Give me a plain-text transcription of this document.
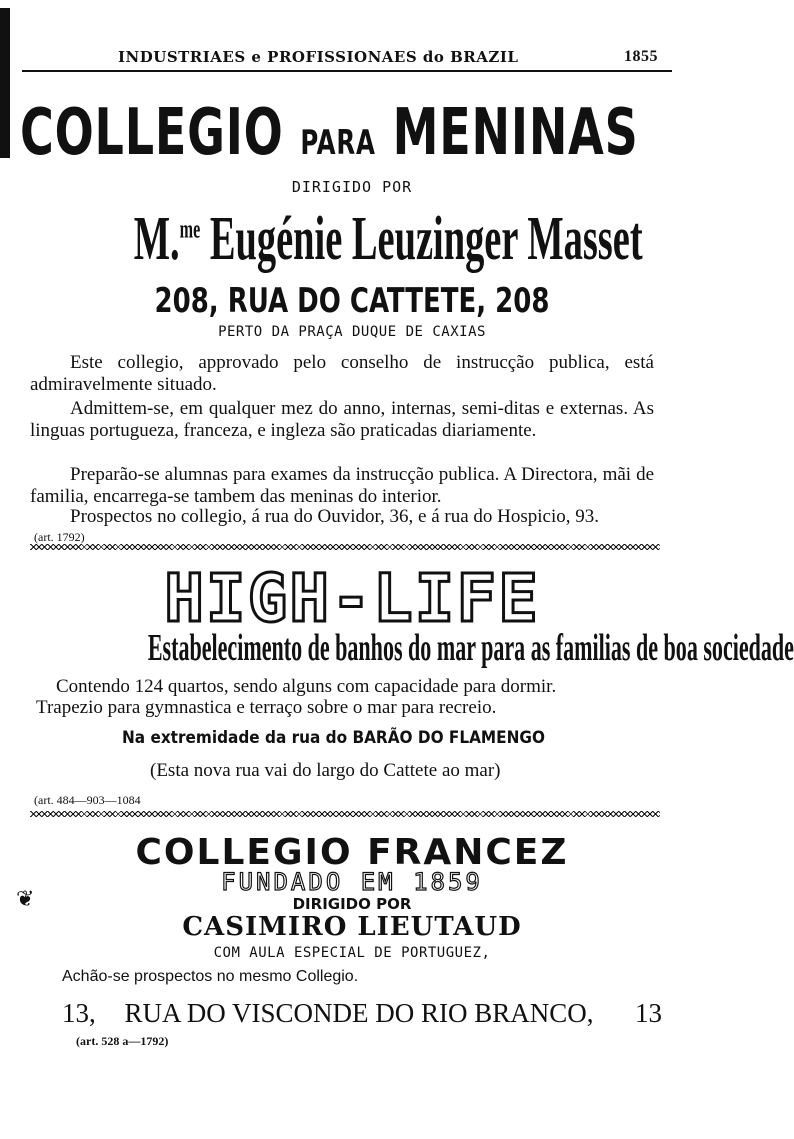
INDUSTRIAES e PROFISSIONAES do BRAZIL	1855
COLLEGIO PARA MENINAS
DIRIGIDO POR
M.$^{me}$ Eugénie Leuzinger Masset
208, RUA DO CATTETE, 208
PERTO DA PRAÇA DUQUE DE CAXIAS
Este collegio, approvado pelo conselho de instrucção publica, está admiravelmente situado.
Admittem-se, em qualquer mez do anno, internas, semi-ditas e externas. As linguas portugueza, franceza, e ingleza são praticadas diariamente.
Preparão-se alumnas para exames da instrucção publica. A Directora, mãi de familia, encarrega-se tambem das meninas do interior.
Prospectos no collegio, á rua do Ouvidor, 36, e á rua do Hospicio, 93.
(art. 1792)
HIGH-LIFE
Estabelecimento de banhos do mar para as familias de boa sociedade
Contendo 124 quartos, sendo alguns com capacidade para dormir.
Trapezio para gymnastica e terraço sobre o mar para recreio.
Na extremidade da rua do BARÃO DO FLAMENGO
(Esta nova rua vai do largo do Cattete ao mar)
(art. 484—903—1084
COLLEGIO FRANCEZ
FUNDADO EM 1859
DIRIGIDO POR
CASIMIRO LIEUTAUD
COM AULA ESPECIAL DE PORTUGUEZ,
Achão-se prospectos no mesmo Collegio.
13, RUA DO VISCONDE DO RIO BRANCO, 13
(art. 528 a—1792)
❦
